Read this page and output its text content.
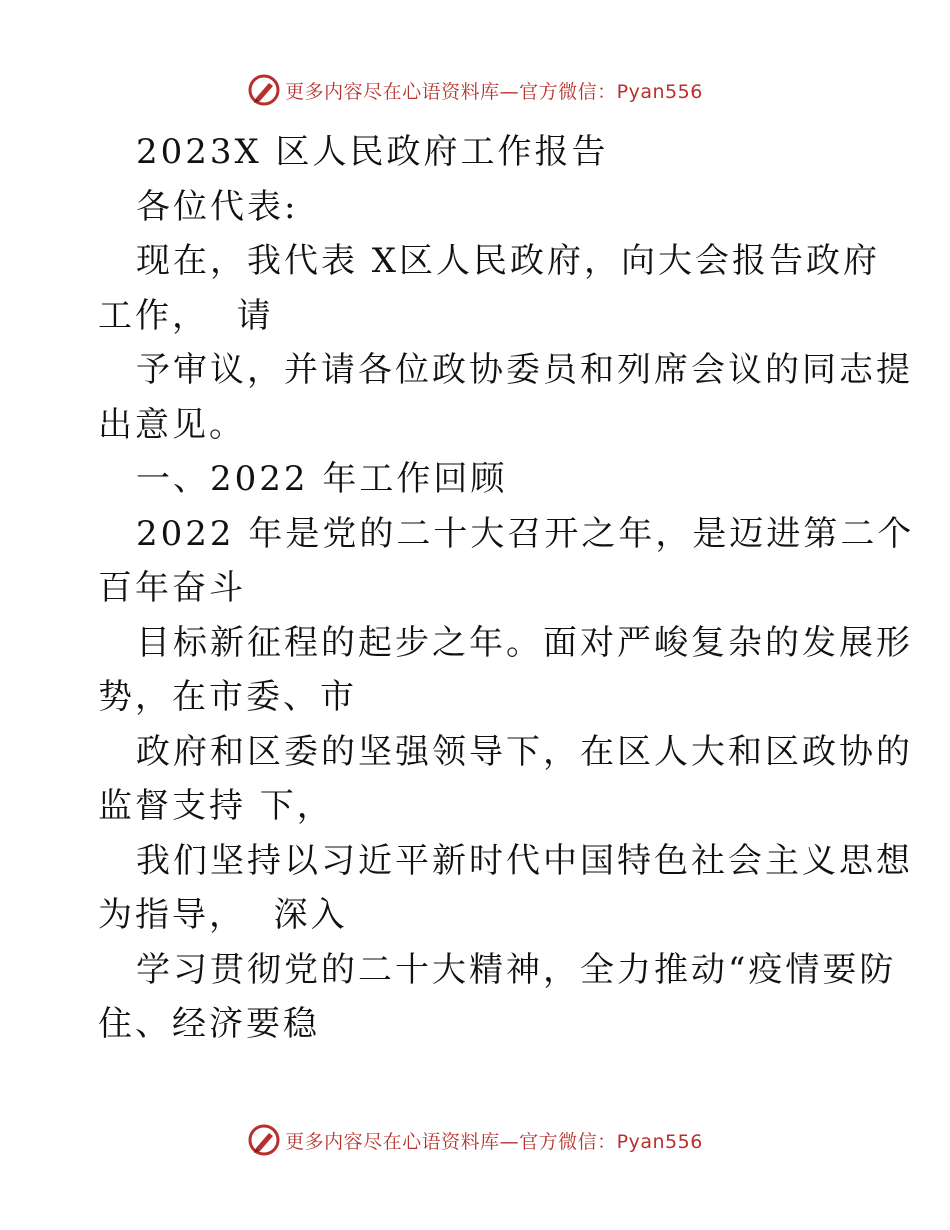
更多内容尽在心语资料库—官方微信：Pyan556
2023X 区人民政府工作报告
各位代表:
现在，我代表 X区人民政府，向大会报告政府
工作，  请
予审议，并请各位政协委员和列席会议的同志提
出意见。
一、2022 年工作回顾
2022 年是党的二十大召开之年，是迈进第二个
百年奋斗
目标新征程的起步之年。面对严峻复杂的发展形
势，在市委、市
政府和区委的坚强领导下，在区人大和区政协的
监督支持 下，
我们坚持以习近平新时代中国特色社会主义思想
为指导，  深入
学习贯彻党的二十大精神，全力推动“疫情要防
住、经济要稳
更多内容尽在心语资料库—官方微信：Pyan556
